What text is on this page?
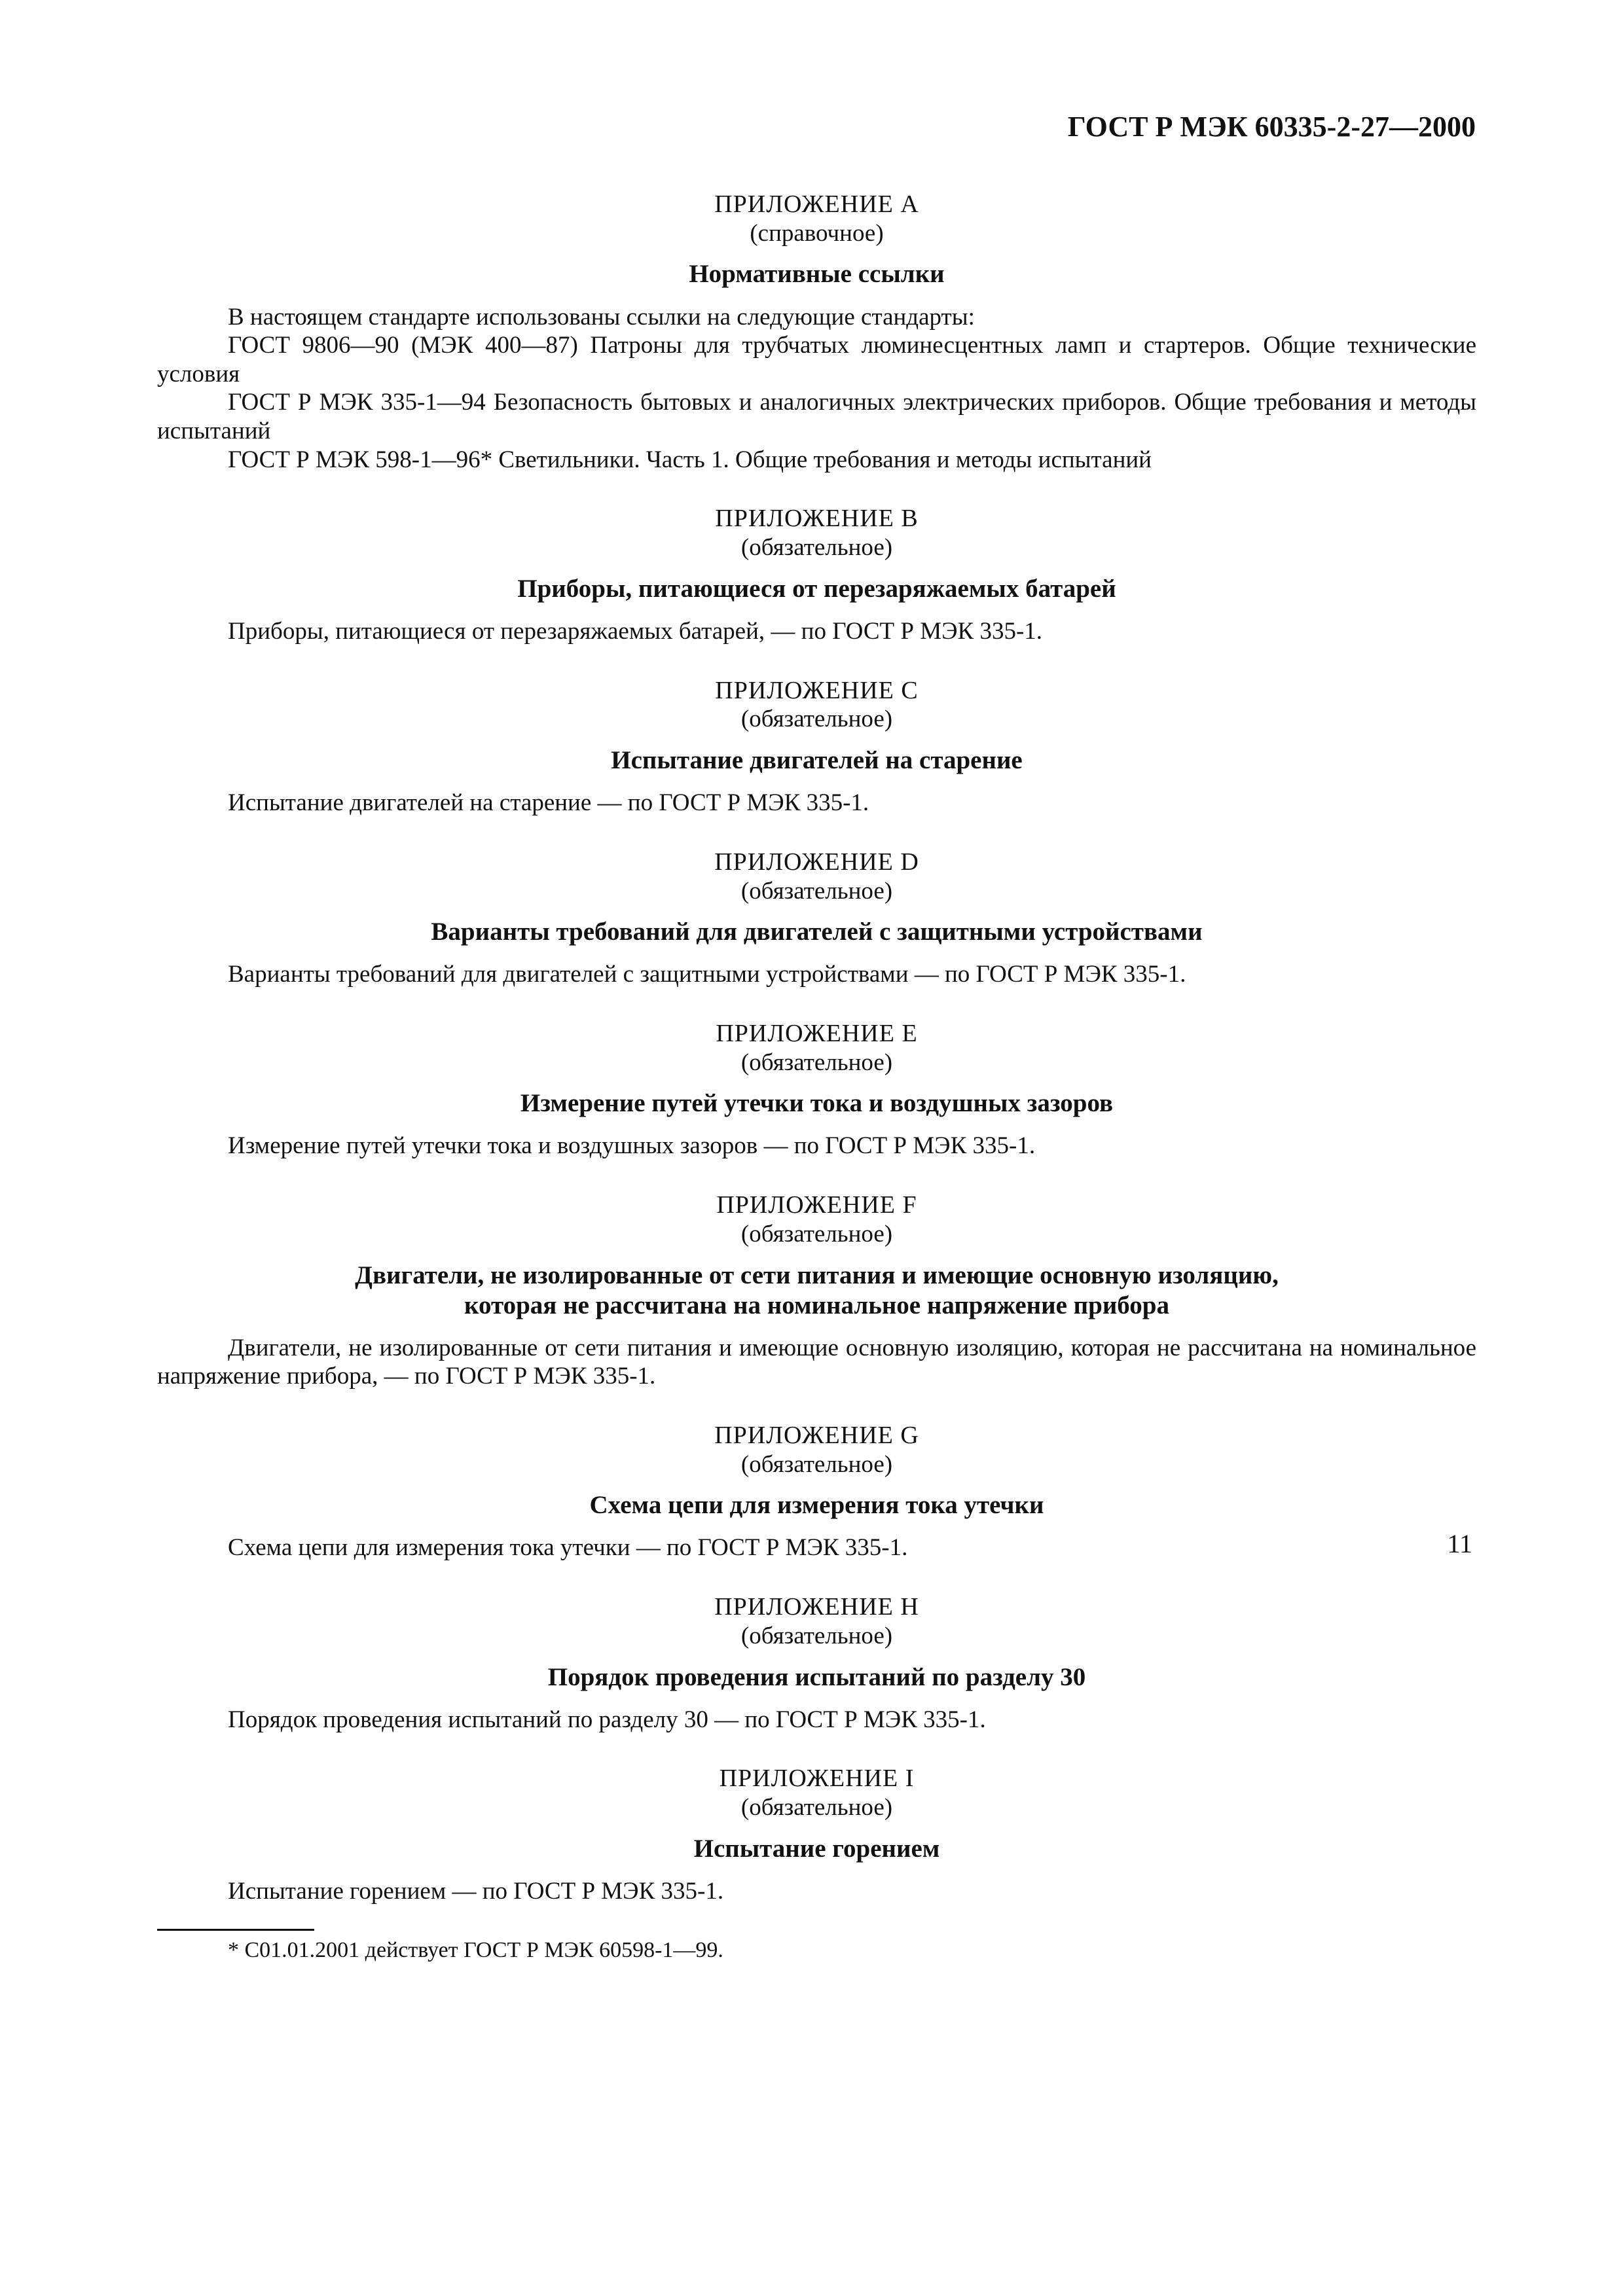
ГОСТ Р МЭК 60335-2-27—2000
ПРИЛОЖЕНИЕ А
(справочное)
Нормативные ссылки

В настоящем стандарте использованы ссылки на следующие стандарты:

ГОСТ 9806—90 (МЭК 400—87) Патроны для трубчатых люминесцентных ламп и стартеров. Общие технические условия

ГОСТ Р МЭК 335-1—94 Безопасность бытовых и аналогичных электрических приборов. Общие требования и методы испытаний

ГОСТ Р МЭК 598-1—96* Светильники. Часть 1. Общие требования и методы испытаний

ПРИЛОЖЕНИЕ В
(обязательное)
Приборы, питающиеся от перезаряжаемых батарей

Приборы, питающиеся от перезаряжаемых батарей, — по ГОСТ Р МЭК 335-1.

ПРИЛОЖЕНИЕ С
(обязательное)
Испытание двигателей на старение

Испытание двигателей на старение — по ГОСТ Р МЭК 335-1.

ПРИЛОЖЕНИЕ D
(обязательное)
Варианты требований для двигателей с защитными устройствами

Варианты требований для двигателей с защитными устройствами — по ГОСТ Р МЭК 335-1.

ПРИЛОЖЕНИЕ Е
(обязательное)
Измерение путей утечки тока и воздушных зазоров

Измерение путей утечки тока и воздушных зазоров — по ГОСТ Р МЭК 335-1.

ПРИЛОЖЕНИЕ F
(обязательное)
Двигатели, не изолированные от сети питания и имеющие основную изоляцию,
которая не рассчитана на номинальное напряжение прибора

Двигатели, не изолированные от сети питания и имеющие основную изоляцию, которая не рассчитана на номинальное напряжение прибора, — по ГОСТ Р МЭК 335-1.

ПРИЛОЖЕНИЕ G
(обязательное)
Схема цепи для измерения тока утечки

Схема цепи для измерения тока утечки — по ГОСТ Р МЭК 335-1.

ПРИЛОЖЕНИЕ Н
(обязательное)
Порядок проведения испытаний по разделу 30

Порядок проведения испытаний по разделу 30 — по ГОСТ Р МЭК 335-1.

ПРИЛОЖЕНИЕ I
(обязательное)
Испытание горением

Испытание горением — по ГОСТ Р МЭК 335-1.

* С01.01.2001 действует ГОСТ Р МЭК 60598-1—99.
11
